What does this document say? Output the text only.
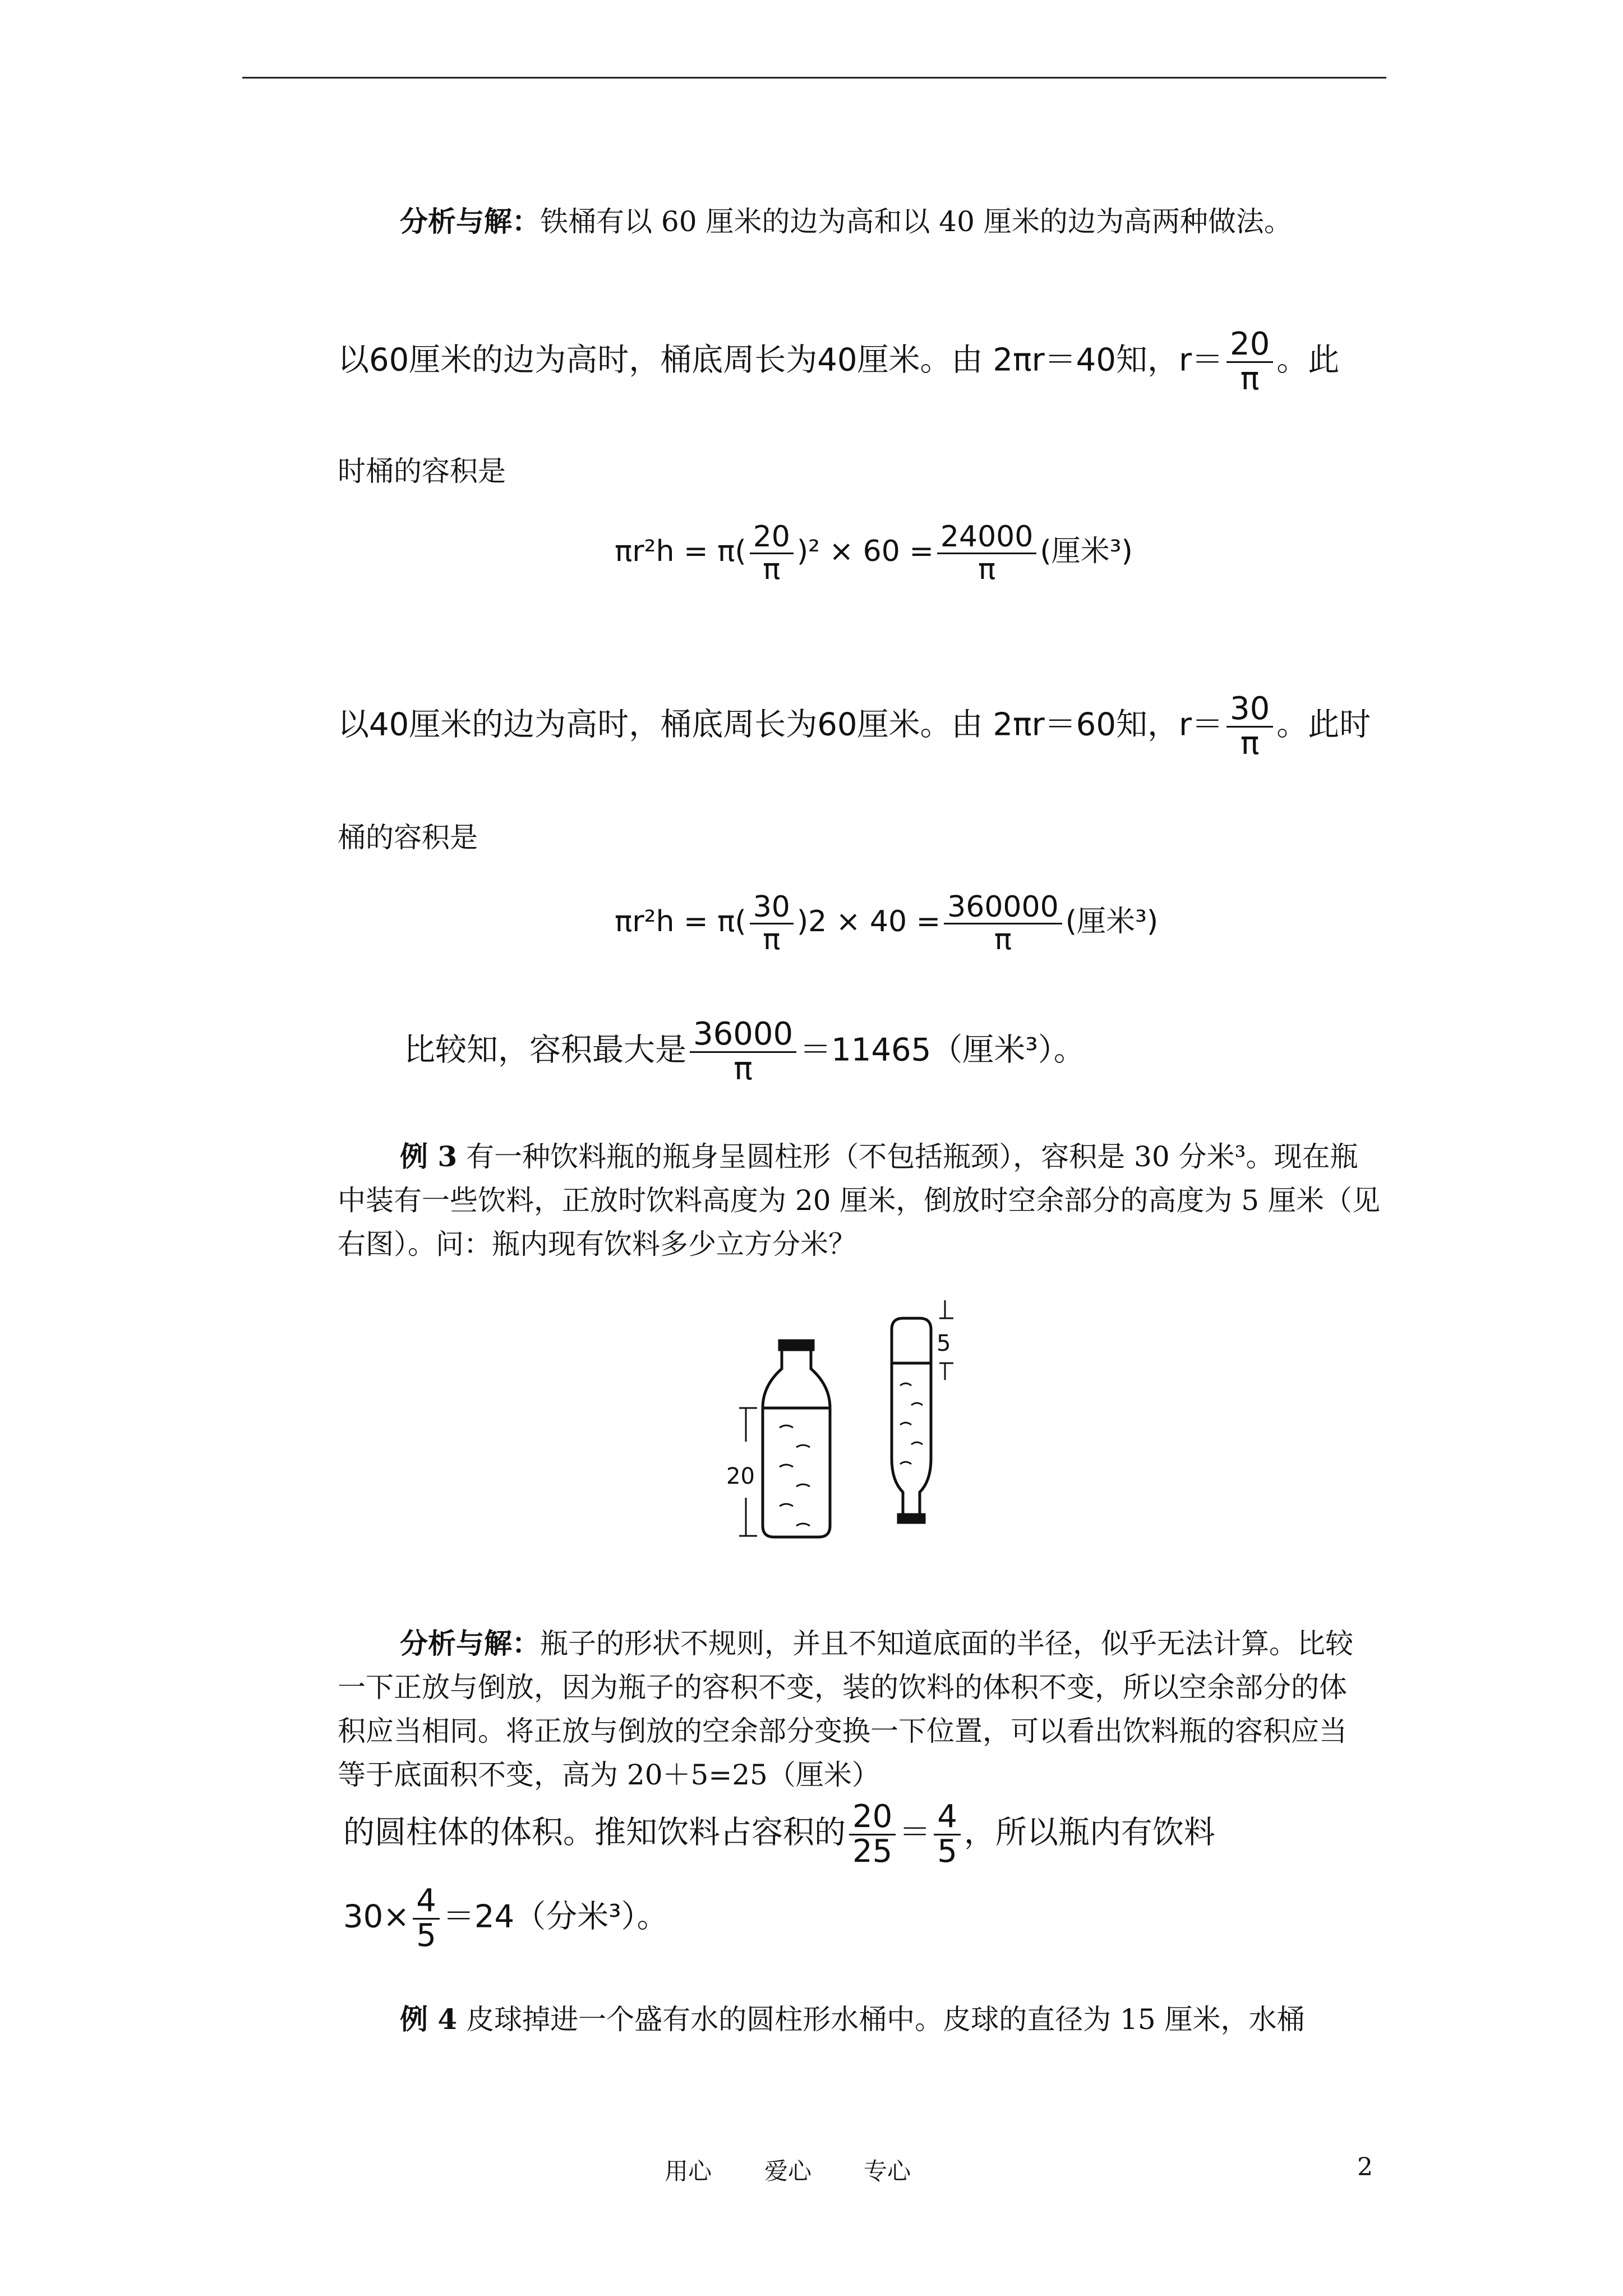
分析与解：铁桶有以 60 厘米的边为高和以 40 厘米的边为高两种做法。
以60厘米的边为高时，桶底周长为40厘米。由 2πr＝40知，$r= \frac{20}{\pi}$ 。此
时桶的容积是
$\pi r^2h = \pi( \frac{20}{\pi} )^2 \times 60 = \frac{24000}{\pi}$ (厘米³)
以40厘米的边为高时，桶底周长为60厘米。由 2πr＝60知，$r= \frac{30}{\pi}$ 。此时
桶的容积是
$\pi r^2h = \pi( \frac{30}{\pi} )2 \times 40 = \frac{360000}{\pi}$ (厘米³)
比较知，容积最大是 $\frac{36000}{\pi} =11465$（厘米³）。
例 3 有一种饮料瓶的瓶身呈圆柱形（不包括瓶颈），容积是 30 分米³。现在瓶
中装有一些饮料，正放时饮料高度为 20 厘米，倒放时空余部分的高度为 5 厘米（见
右图）。问：瓶内现有饮料多少立方分米？
20
5
分析与解：瓶子的形状不规则，并且不知道底面的半径，似乎无法计算。比较
一下正放与倒放，因为瓶子的容积不变，装的饮料的体积不变，所以空余部分的体
积应当相同。将正放与倒放的空余部分变换一下位置，可以看出饮料瓶的容积应当
等于底面积不变，高为 20＋5=25（厘米）
的圆柱体的体积。推知饮料占容积的 $\frac{20}{25} = \frac{4}{5}$ ，所以瓶内有饮料
$30\times \frac{4}{5} =24$（分米³）。
例 4 皮球掉进一个盛有水的圆柱形水桶中。皮球的直径为 15 厘米，水桶
用心 爱心 专心	2
